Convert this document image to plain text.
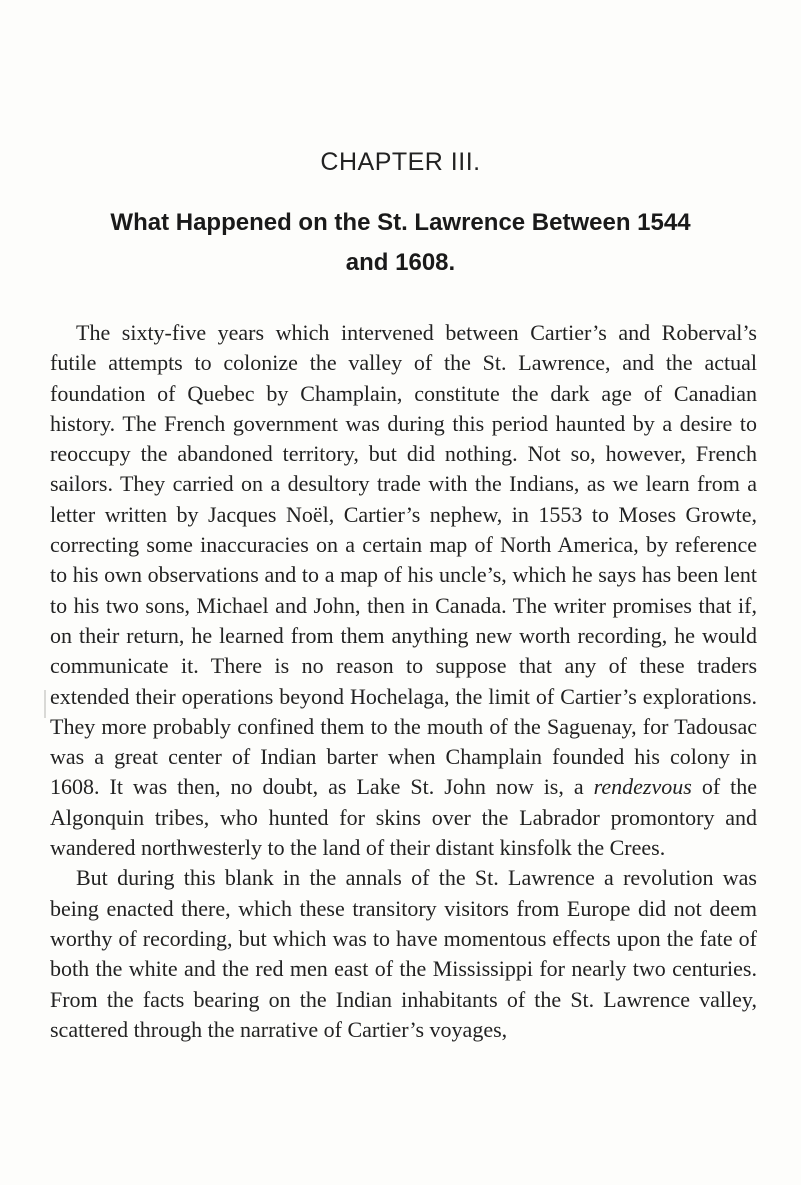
CHAPTER III.
What Happened on the St. Lawrence Between 1544
and 1608.

The sixty-five years which intervened between Cartier’s and Roberval’s futile attempts to colonize the valley of the St. Lawrence, and the actual foundation of Quebec by Champlain, constitute the dark age of Canadian history. The French government was during this period haunted by a desire to reoccupy the abandoned territory, but did nothing. Not so, however, French sailors. They carried on a desultory trade with the Indians, as we learn from a letter written by Jacques Noël, Cartier’s nephew, in 1553 to Moses Growte, correcting some inaccuracies on a certain map of North America, by reference to his own observations and to a map of his uncle’s, which he says has been lent to his two sons, Michael and John, then in Canada. The writer promises that if, on their return, he learned from them anything new worth recording, he would communicate it. There is no reason to suppose that any of these traders extended their operations beyond Hochelaga, the limit of Cartier’s explorations. They more probably confined them to the mouth of the Saguenay, for Tadousac was a great center of Indian barter when Champlain founded his colony in 1608. It was then, no doubt, as Lake St. John now is, a rendezvous of the Algonquin tribes, who hunted for skins over the Labrador promontory and wandered northwesterly to the land of their distant kinsfolk the Crees.

But during this blank in the annals of the St. Lawrence a revolution was being enacted there, which these transitory visitors from Europe did not deem worthy of recording, but which was to have momentous effects upon the fate of both the white and the red men east of the Mississippi for nearly two centuries. From the facts bearing on the Indian inhabitants of the St. Lawrence valley, scattered through the narrative of Cartier’s voyages,
